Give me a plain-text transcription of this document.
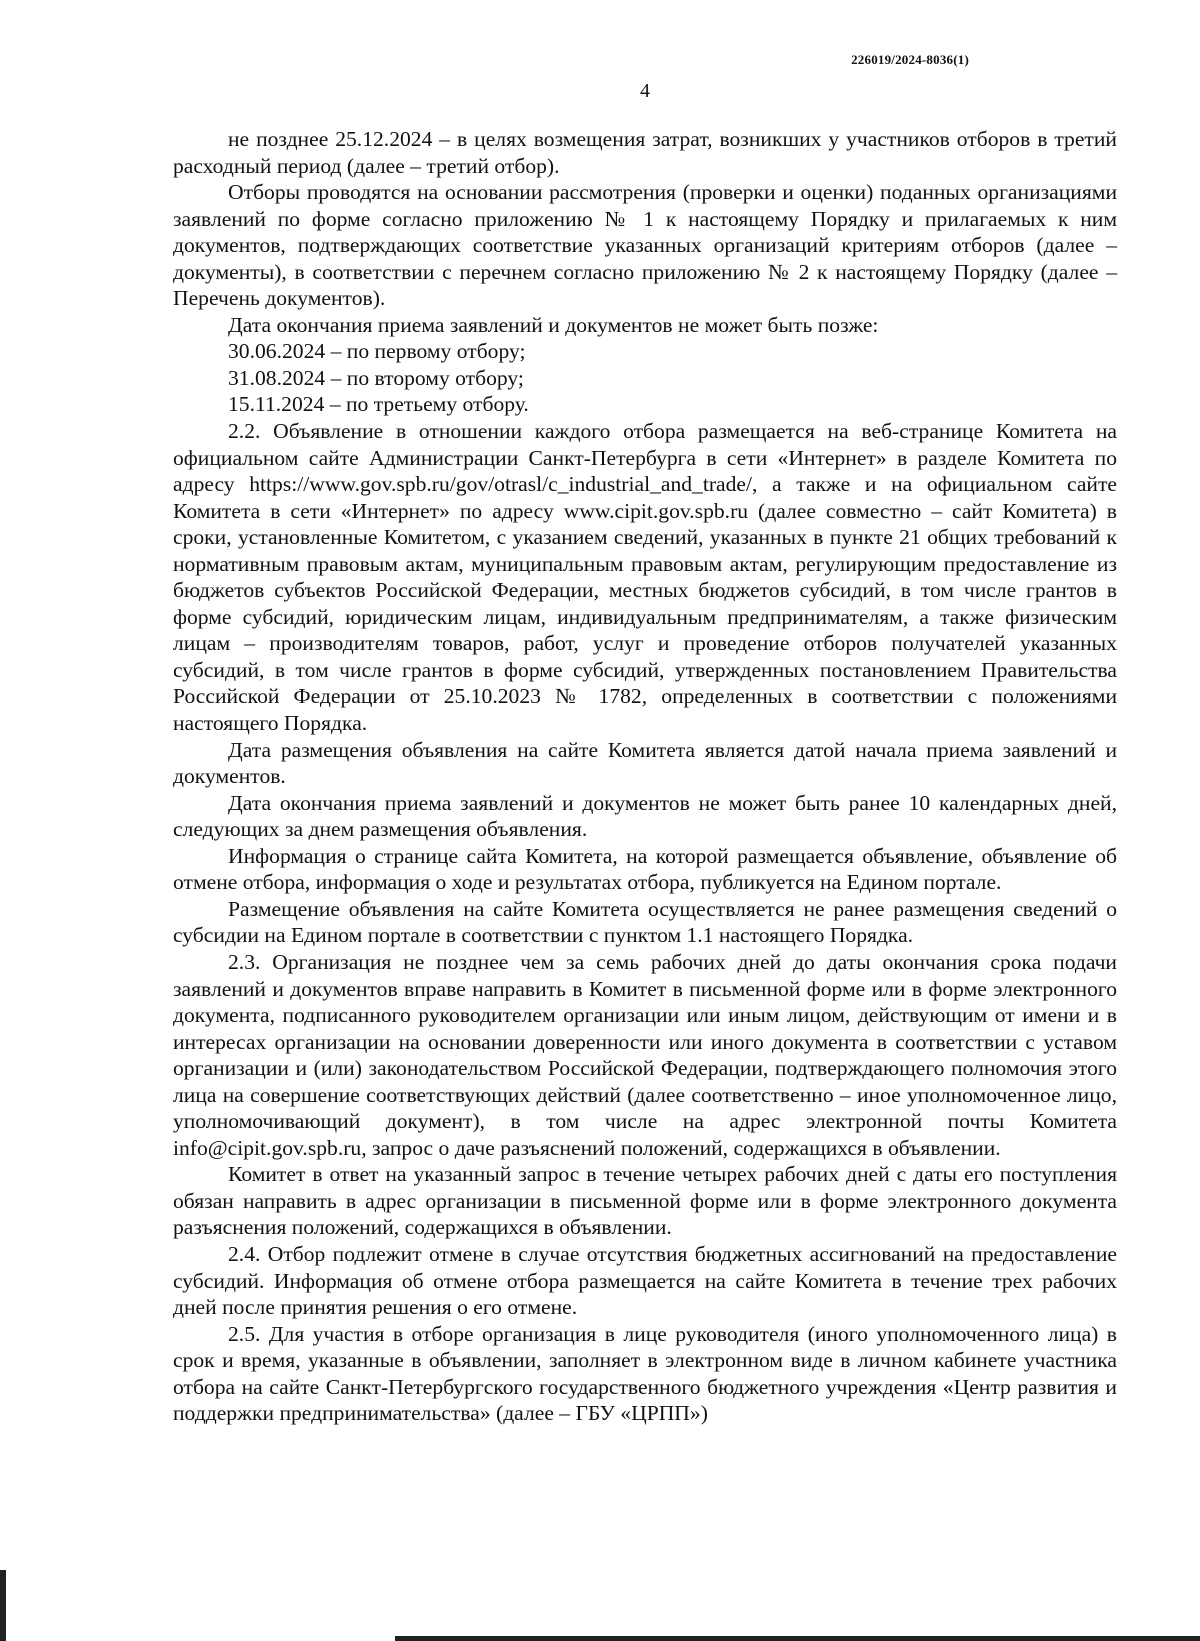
226019/2024-8036(1)
4

не позднее 25.12.2024 – в целях возмещения затрат, возникших у участников отборов в третий расходный период (далее – третий отбор).

Отборы проводятся на основании рассмотрения (проверки и оценки) поданных организациями заявлений по форме согласно приложению № 1 к настоящему Порядку и прилагаемых к ним документов, подтверждающих соответствие указанных организаций критериям отборов (далее – документы), в соответствии с перечнем согласно приложению № 2 к настоящему Порядку (далее – Перечень документов).

Дата окончания приема заявлений и документов не может быть позже:

30.06.2024 – по первому отбору;

31.08.2024 – по второму отбору;

15.11.2024 – по третьему отбору.

2.2. Объявление в отношении каждого отбора размещается на веб-странице Комитета на официальном сайте Администрации Санкт-Петербурга в сети «Интернет» в разделе Комитета по адресу https://www.gov.spb.ru/gov/otrasl/c_industrial_and_trade/, а также и на официальном сайте Комитета в сети «Интернет» по адресу www.cipit.gov.spb.ru (далее совместно – сайт Комитета) в сроки, установленные Комитетом, с указанием сведений, указанных в пункте 21 общих требований к нормативным правовым актам, муниципальным правовым актам, регулирующим предоставление из бюджетов субъектов Российской Федерации, местных бюджетов субсидий, в том числе грантов в форме субсидий, юридическим лицам, индивидуальным предпринимателям, а также физическим лицам – производителям товаров, работ, услуг и проведение отборов получателей указанных субсидий, в том числе грантов в форме субсидий, утвержденных постановлением Правительства Российской Федерации от 25.10.2023 № 1782, определенных в соответствии с положениями настоящего Порядка.

Дата размещения объявления на сайте Комитета является датой начала приема заявлений и документов.

Дата окончания приема заявлений и документов не может быть ранее 10 календарных дней, следующих за днем размещения объявления.

Информация о странице сайта Комитета, на которой размещается объявление, объявление об отмене отбора, информация о ходе и результатах отбора, публикуется на Едином портале.

Размещение объявления на сайте Комитета осуществляется не ранее размещения сведений о субсидии на Едином портале в соответствии с пунктом 1.1 настоящего Порядка.

2.3. Организация не позднее чем за семь рабочих дней до даты окончания срока подачи заявлений и документов вправе направить в Комитет в письменной форме или в форме электронного документа, подписанного руководителем организации или иным лицом, действующим от имени и в интересах организации на основании доверенности или иного документа в соответствии с уставом организации и (или) законодательством Российской Федерации, подтверждающего полномочия этого лица на совершение соответствующих действий (далее соответственно – иное уполномоченное лицо, уполномочивающий документ), в том числе на адрес электронной почты Комитета info@cipit.gov.spb.ru, запрос о даче разъяснений положений, содержащихся в объявлении.

Комитет в ответ на указанный запрос в течение четырех рабочих дней с даты его поступления обязан направить в адрес организации в письменной форме или в форме электронного документа разъяснения положений, содержащихся в объявлении.

2.4. Отбор подлежит отмене в случае отсутствия бюджетных ассигнований на предоставление субсидий. Информация об отмене отбора размещается на сайте Комитета в течение трех рабочих дней после принятия решения о его отмене.

2.5. Для участия в отборе организация в лице руководителя (иного уполномоченного лица) в срок и время, указанные в объявлении, заполняет в электронном виде в личном кабинете участника отбора на сайте Санкт-Петербургского государственного бюджетного учреждения «Центр развития и поддержки предпринимательства» (далее – ГБУ «ЦРПП»)
